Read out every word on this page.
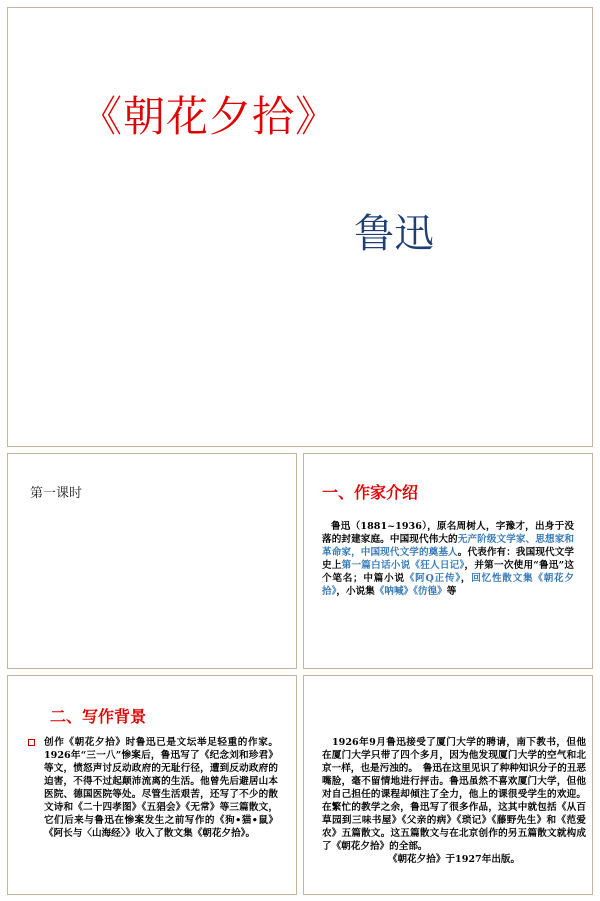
《朝花夕拾》
鲁迅
第一课时	一、作家介绍
鲁迅（1881~1936），原名周树人，字豫才，出身于没落的封建家庭。中国现代伟大的无产阶级文学家、思想家和革命家，中国现代文学的奠基人。代表作有：我国现代文学史上第一篇白话小说《狂人日记》，并第一次使用“鲁迅”这个笔名；中篇小说《阿Q正传》，回忆性散文集《朝花夕拾》，小说集《呐喊》《彷徨》等
二、写作背景
创作《朝花夕拾》时鲁迅已是文坛举足轻重的作家。1926年“三一八”惨案后，鲁迅写了《纪念刘和珍君》等文，愤怒声讨反动政府的无耻行径，遭到反动政府的迫害，不得不过起颠沛流离的生活。他曾先后避居山本医院、德国医院等处。尽管生活艰苦，还写了不少的散文诗和《二十四孝图》《五猖会》《无常》等三篇散文，它们后来与鲁迅在惨案发生之前写作的《狗•猫•鼠》《阿长与〈山海经〉》收入了散文集《朝花夕拾》。
1926年9月鲁迅接受了厦门大学的聘请，南下教书，但他在厦门大学只带了四个多月，因为他发现厦门大学的空气和北京一样，也是污浊的。　鲁迅在这里见识了种种知识分子的丑恶嘴脸，毫不留情地进行抨击。鲁迅虽然不喜欢厦门大学，但他对自己担任的课程却倾注了全力，他上的课很受学生的欢迎。在繁忙的教学之余，鲁迅写了很多作品，这其中就包括《从百草园到三味书屋》《父亲的病》《琐记》《藤野先生》和《范爱农》五篇散文。这五篇散文与在北京创作的另五篇散文就构成了《朝花夕拾》的全部。
《朝花夕拾》于1927年出版。
